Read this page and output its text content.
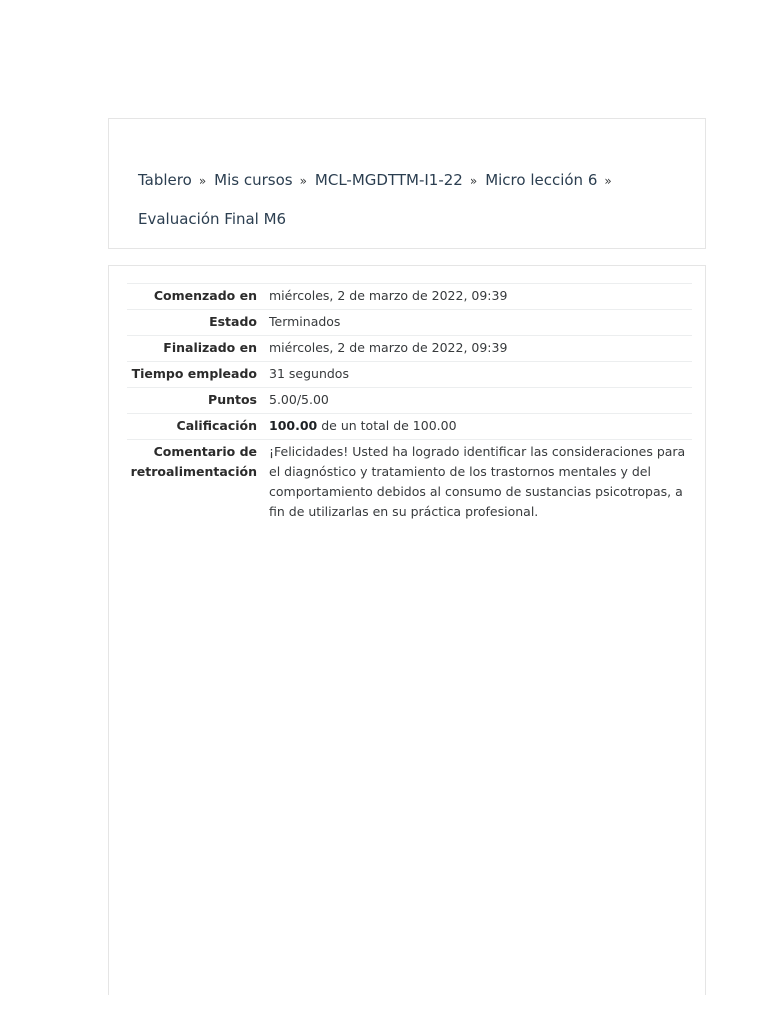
Tablero » Mis cursos » MCL-MGDTTM-I1-22 » Micro lección 6 »
Evaluación Final M6
Comenzado en	miércoles, 2 de marzo de 2022, 09:39
Estado	Terminados
Finalizado en	miércoles, 2 de marzo de 2022, 09:39
Tiempo empleado	31 segundos
Puntos	5.00/5.00
Calificación	100.00 de un total de 100.00
Comentario de
retroalimentación	¡Felicidades! Usted ha logrado identificar las consideraciones para el diagnóstico y tratamiento de los trastornos mentales y del comportamiento debidos al consumo de sustancias psicotropas, a fin de utilizarlas en su práctica profesional.
